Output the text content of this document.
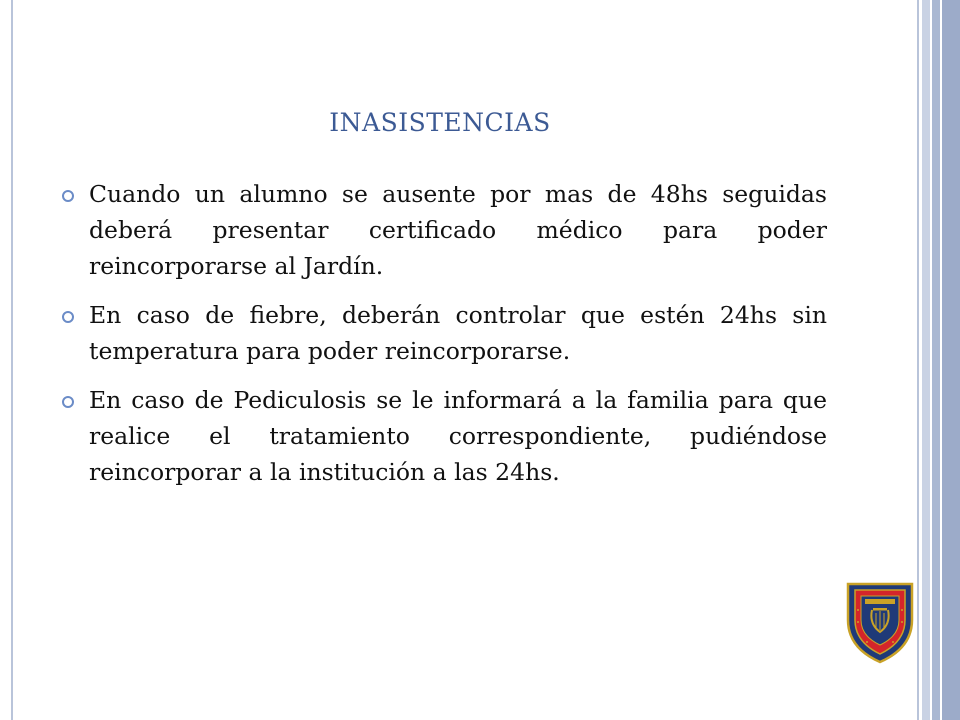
INASISTENCIAS
Cuando un alumno se ausente por mas de 48hs seguidas deberá presentar certificado médico para poder reincorporarse al Jardín.
En caso de fiebre, deberán controlar que estén 24hs sin temperatura para poder reincorporarse.
En caso de Pediculosis se le informará a la familia para que realice el tratamiento correspondiente, pudiéndose reincorporar a la institución a las 24hs.
